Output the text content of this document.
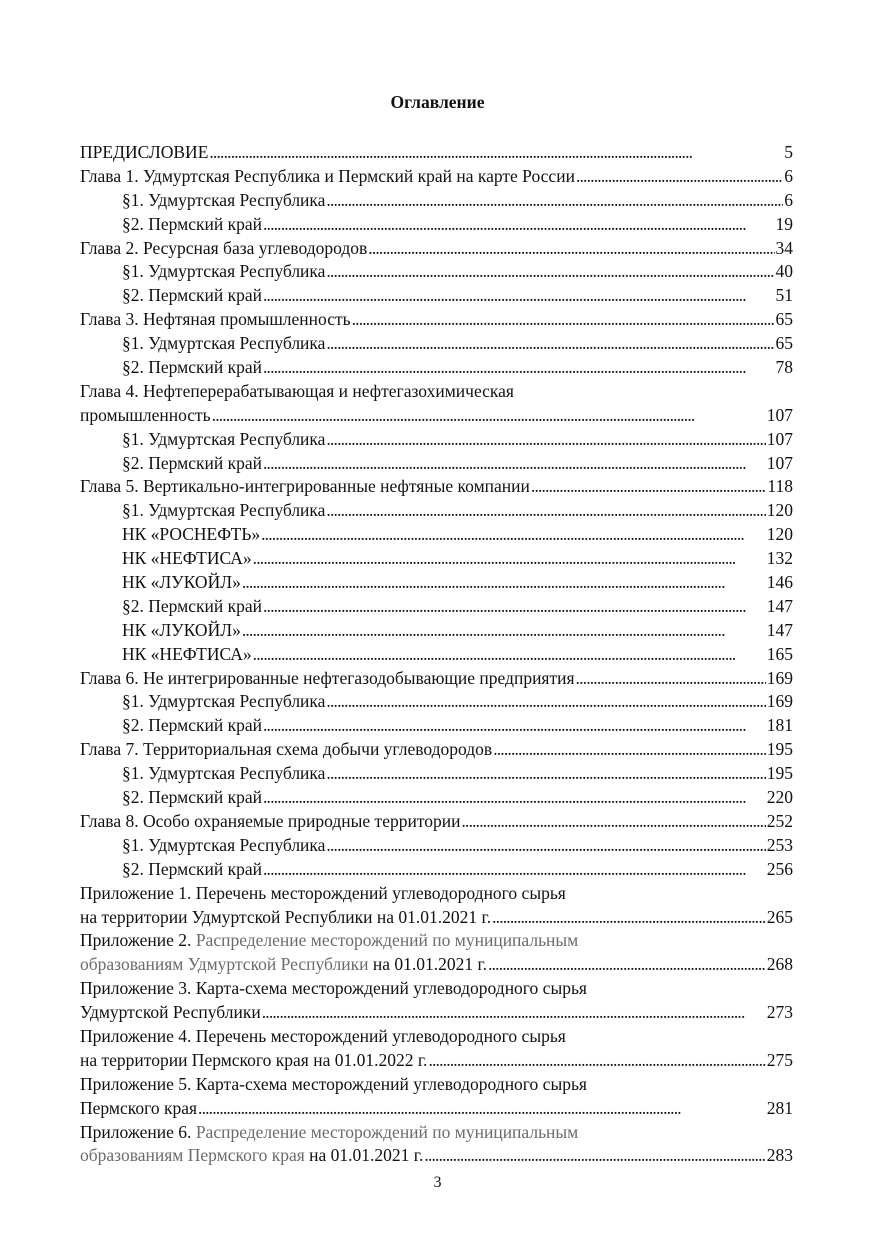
Оглавление
ПРЕДИСЛОВИЕ . . .	5
Глава 1. Удмуртская Республика и Пермский край на карте России . . .	6
§1. Удмуртская Республика . . .	6
§2. Пермский край . . .	19
Глава 2. Ресурсная база углеводородов . . .	34
§1. Удмуртская Республика . . .	40
§2. Пермский край . . .	51
Глава 3. Нефтяная промышленность . . .	65
§1. Удмуртская Республика . . .	65
§2. Пермский край . . .	78
Глава 4. Нефтеперерабатывающая и нефтегазохимическая
промышленность . . .	107
§1. Удмуртская Республика . . .	107
§2. Пермский край . . .	107
Глава 5. Вертикально-интегрированные нефтяные компании . . .	118
§1. Удмуртская Республика . . .	120
НК «РОСНЕФТЬ» . . .	120
НК «НЕФТИСА» . . .	132
НК «ЛУКОЙЛ» . . .	146
§2. Пермский край . . .	147
НК «ЛУКОЙЛ» . . .	147
НК «НЕФТИСА» . . .	165
Глава 6. Не интегрированные нефтегазодобывающие предприятия . . .	169
§1. Удмуртская Республика . . .	169
§2. Пермский край . . .	181
Глава 7. Территориальная схема добычи углеводородов . . .	195
§1. Удмуртская Республика . . .	195
§2. Пермский край . . .	220
Глава 8. Особо охраняемые природные территории . . .	252
§1. Удмуртская Республика . . .	253
§2. Пермский край . . .	256
Приложение 1. Перечень месторождений углеводородного сырья
на территории Удмуртской Республики на 01.01.2021 г. . . .	265
Приложение 2. Распределение месторождений по муниципальным
образованиям Удмуртской Республики на 01.01.2021 г. . . .	268
Приложение 3. Карта-схема месторождений углеводородного сырья
Удмуртской Республики . . .	273
Приложение 4. Перечень месторождений углеводородного сырья
на территории Пермского края на 01.01.2022 г. . . .	275
Приложение 5. Карта-схема месторождений углеводородного сырья
Пермского края . . .	281
Приложение 6. Распределение месторождений по муниципальным
образованиям Пермского края на 01.01.2021 г. . . .	283
3
